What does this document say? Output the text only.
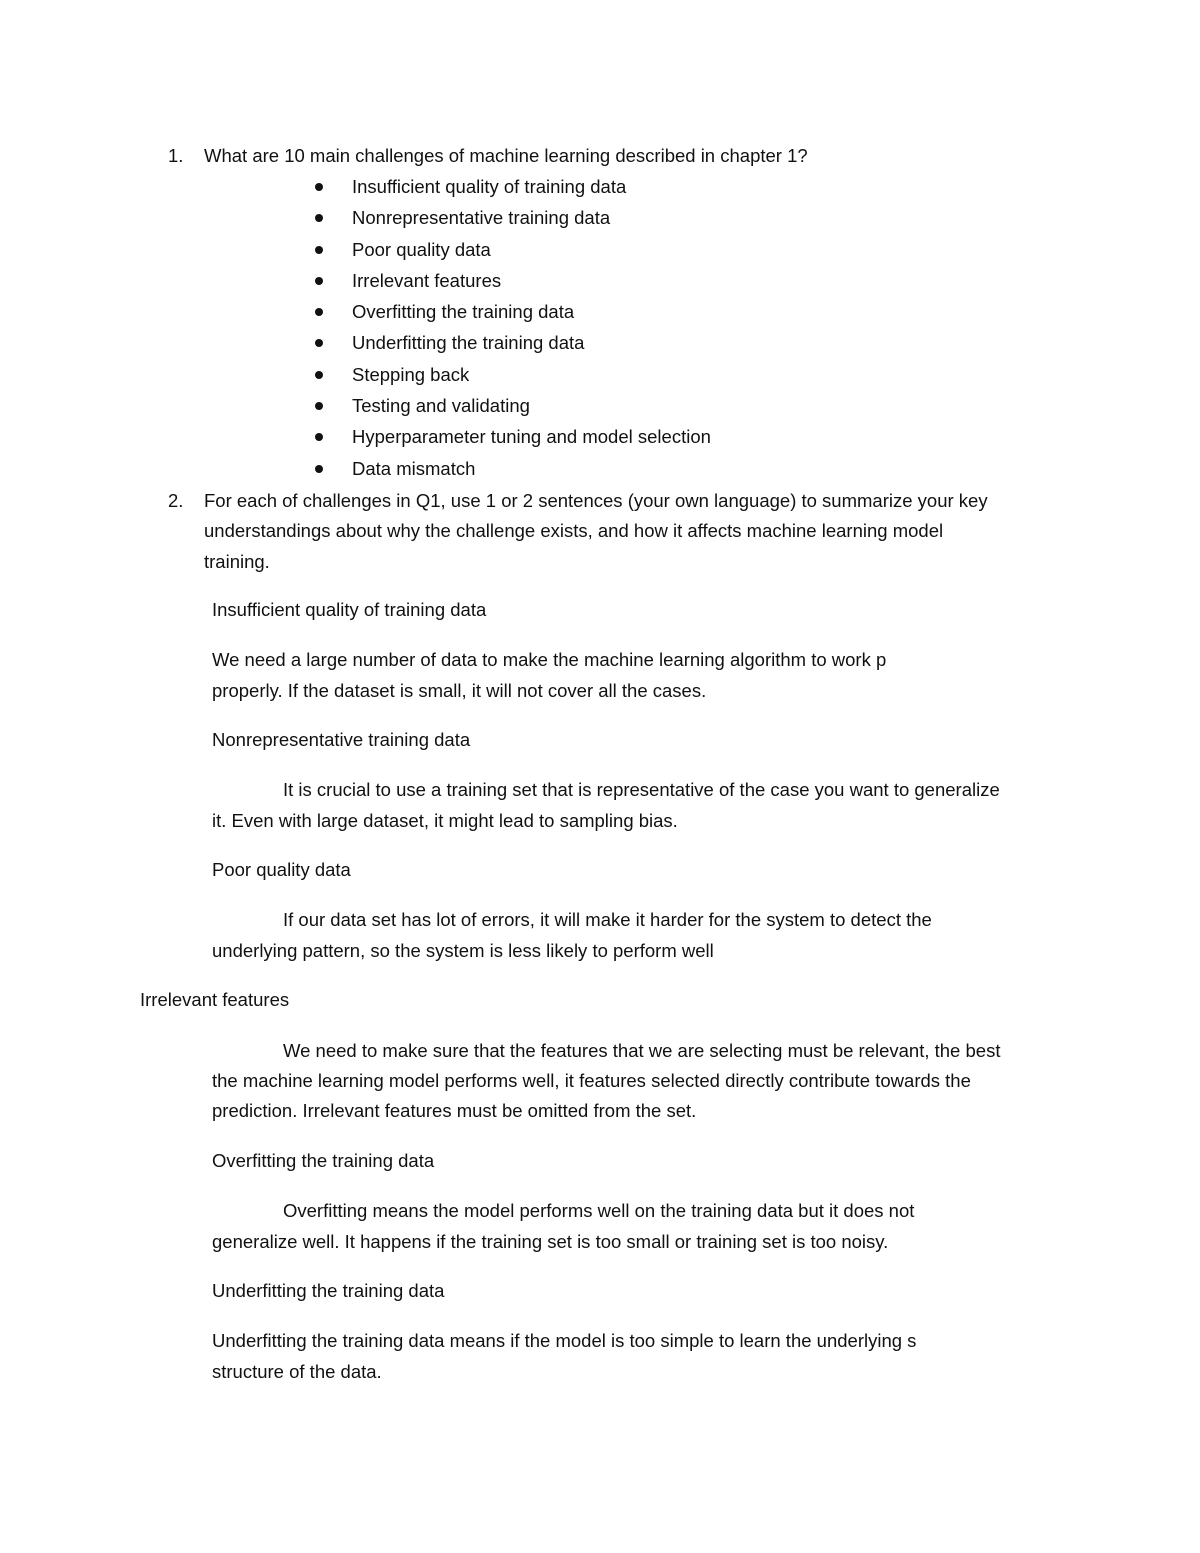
1.	What are 10 main challenges of machine learning described in chapter 1?
Insufficient quality of training data
Nonrepresentative training data
Poor quality data
Irrelevant features
Overfitting the training data
Underfitting the training data
Stepping back
Testing and validating
Hyperparameter tuning and model selection
Data mismatch
2.	For each of challenges in Q1, use 1 or 2 sentences (your own language) to summarize your key
understandings about why the challenge exists, and how it affects machine learning model
training.
Insufficient quality of training data
We need a large number of data to make the machine learning algorithm to work p
properly. If the dataset is small, it will not cover all the cases.
Nonrepresentative training data
It is crucial to use a training set that is representative of the case you want to generalize
it. Even with large dataset, it might lead to sampling bias.
Poor quality data
If our data set has lot of errors, it will make it harder for the system to detect the
underlying pattern, so the system is less likely to perform well
Irrelevant features
We need to make sure that the features that we are selecting must be relevant, the best
the machine learning model performs well, it features selected directly contribute towards the
prediction. Irrelevant features must be omitted from the set.
Overfitting the training data
Overfitting means the model performs well on the training data but it does not
generalize well. It happens if the training set is too small or training set is too noisy.
Underfitting the training data
Underfitting the training data means if the model is too simple to learn the underlying s
structure of the data.
